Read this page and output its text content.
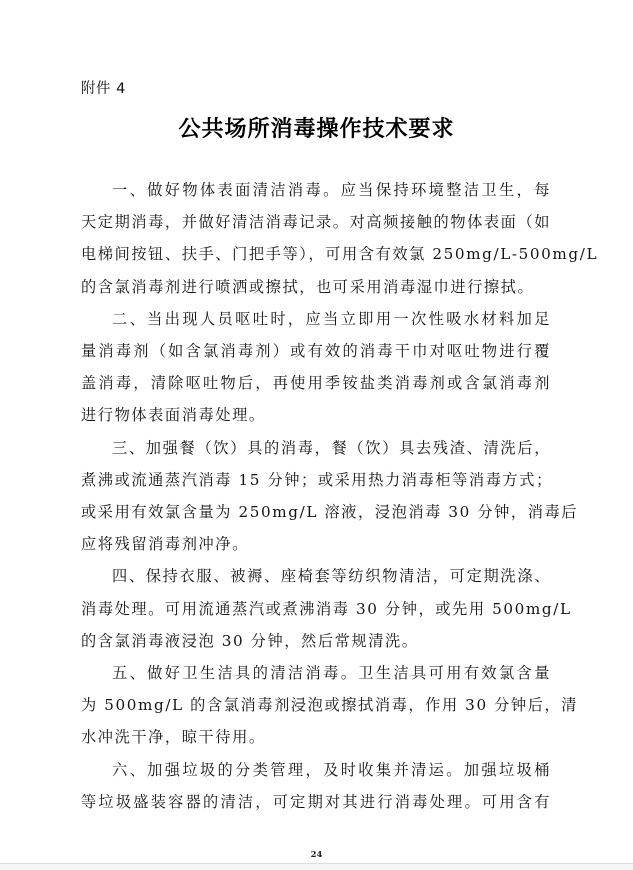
附件 4
公共场所消毒操作技术要求

一、做好物体表面清洁消毒。应当保持环境整洁卫生，每
天定期消毒，并做好清洁消毒记录。对高频接触的物体表面（如
电梯间按钮、扶手、门把手等），可用含有效氯 250mg/L-500mg/L
的含氯消毒剂进行喷洒或擦拭，也可采用消毒湿巾进行擦拭。

二、当出现人员呕吐时，应当立即用一次性吸水材料加足
量消毒剂（如含氯消毒剂）或有效的消毒干巾对呕吐物进行覆
盖消毒，清除呕吐物后，再使用季铵盐类消毒剂或含氯消毒剂
进行物体表面消毒处理。

三、加强餐（饮）具的消毒，餐（饮）具去残渣、清洗后，
煮沸或流通蒸汽消毒 15 分钟；或采用热力消毒柜等消毒方式；
或采用有效氯含量为 250mg/L 溶液，浸泡消毒 30 分钟，消毒后
应将残留消毒剂冲净。

四、保持衣服、被褥、座椅套等纺织物清洁，可定期洗涤、
消毒处理。可用流通蒸汽或煮沸消毒 30 分钟，或先用 500mg/L
的含氯消毒液浸泡 30 分钟，然后常规清洗。

五、做好卫生洁具的清洁消毒。卫生洁具可用有效氯含量
为 500mg/L 的含氯消毒剂浸泡或擦拭消毒，作用 30 分钟后，清
水冲洗干净，晾干待用。

六、加强垃圾的分类管理，及时收集并清运。加强垃圾桶
等垃圾盛装容器的清洁，可定期对其进行消毒处理。可用含有

24
